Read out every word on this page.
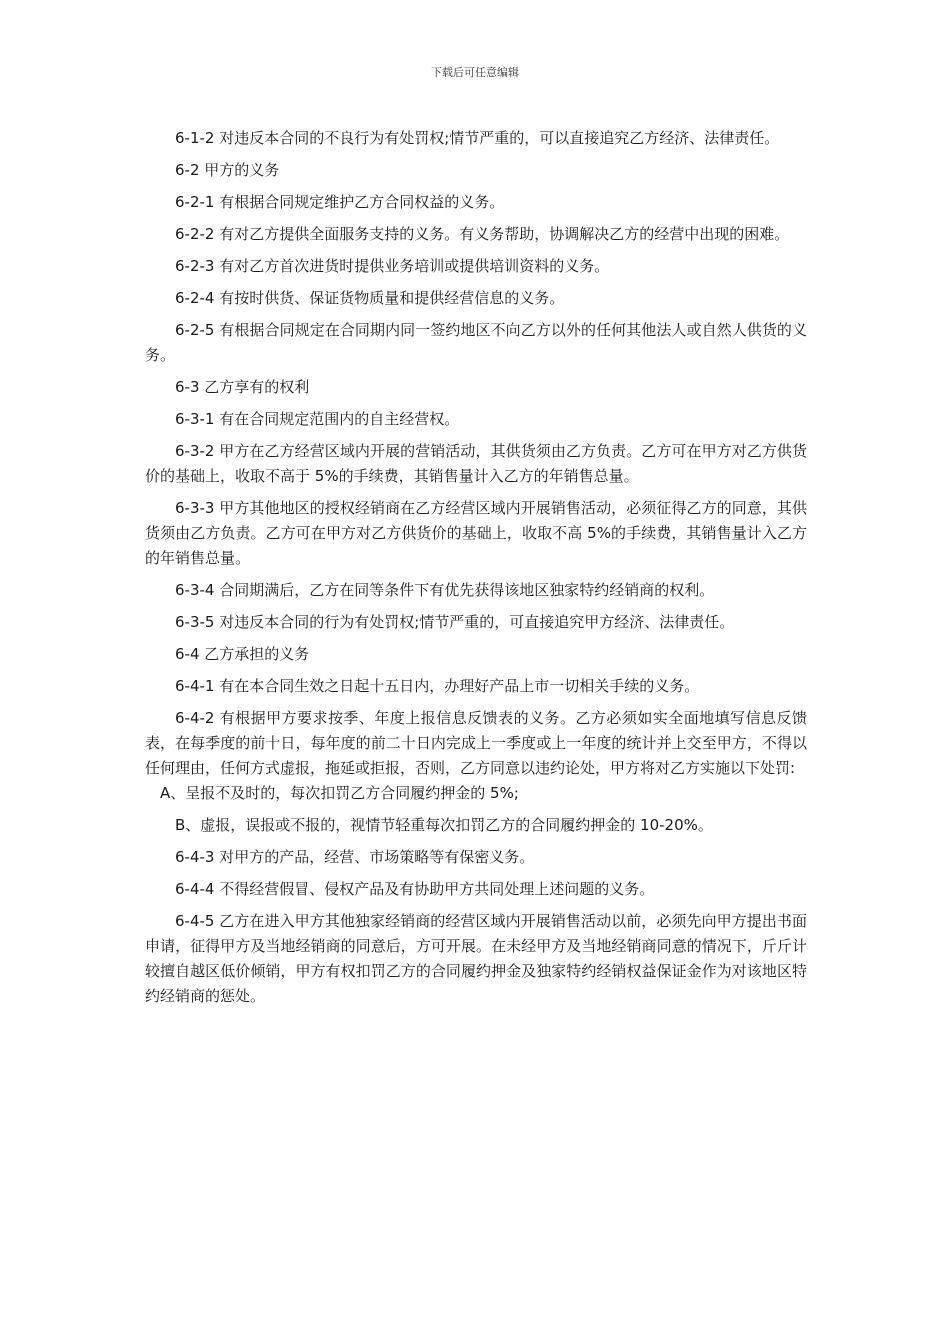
下载后可任意编辑

6-1-2 对违反本合同的不良行为有处罚权;情节严重的，可以直接追究乙方经济、法律责任。

6-2 甲方的义务

6-2-1 有根据合同规定维护乙方合同权益的义务。

6-2-2 有对乙方提供全面服务支持的义务。有义务帮助，协调解决乙方的经营中出现的困难。

6-2-3 有对乙方首次进货时提供业务培训或提供培训资料的义务。

6-2-4 有按时供货、保证货物质量和提供经营信息的义务。

6-2-5 有根据合同规定在合同期内同一签约地区不向乙方以外的任何其他法人或自然人供货的义务。

6-3 乙方享有的权利

6-3-1 有在合同规定范围内的自主经营权。

6-3-2 甲方在乙方经营区域内开展的营销活动，其供货须由乙方负责。乙方可在甲方对乙方供货价的基础上，收取不高于 5%的手续费，其销售量计入乙方的年销售总量。

6-3-3 甲方其他地区的授权经销商在乙方经营区域内开展销售活动，必须征得乙方的同意，其供货须由乙方负责。乙方可在甲方对乙方供货价的基础上，收取不高 5%的手续费，其销售量计入乙方的年销售总量。

6-3-4 合同期满后，乙方在同等条件下有优先获得该地区独家特约经销商的权利。

6-3-5 对违反本合同的行为有处罚权;情节严重的，可直接追究甲方经济、法律责任。

6-4 乙方承担的义务

6-4-1 有在本合同生效之日起十五日内，办理好产品上市一切相关手续的义务。

6-4-2 有根据甲方要求按季、年度上报信息反馈表的义务。乙方必须如实全面地填写信息反馈表，在每季度的前十日，每年度的前二十日内完成上一季度或上一年度的统计并上交至甲方，不得以任何理由，任何方式虚报，拖延或拒报，否则，乙方同意以违约论处，甲方将对乙方实施以下处罚:

A、呈报不及时的，每次扣罚乙方合同履约押金的 5%;

B、虚报，误报或不报的，视情节轻重每次扣罚乙方的合同履约押金的 10-20%。

6-4-3 对甲方的产品，经营、市场策略等有保密义务。

6-4-4 不得经营假冒、侵权产品及有协助甲方共同处理上述问题的义务。

6-4-5 乙方在进入甲方其他独家经销商的经营区域内开展销售活动以前，必须先向甲方提出书面申请，征得甲方及当地经销商的同意后，方可开展。在未经甲方及当地经销商同意的情况下，斤斤计较擅自越区低价倾销，甲方有权扣罚乙方的合同履约押金及独家特约经销权益保证金作为对该地区特约经销商的惩处。
